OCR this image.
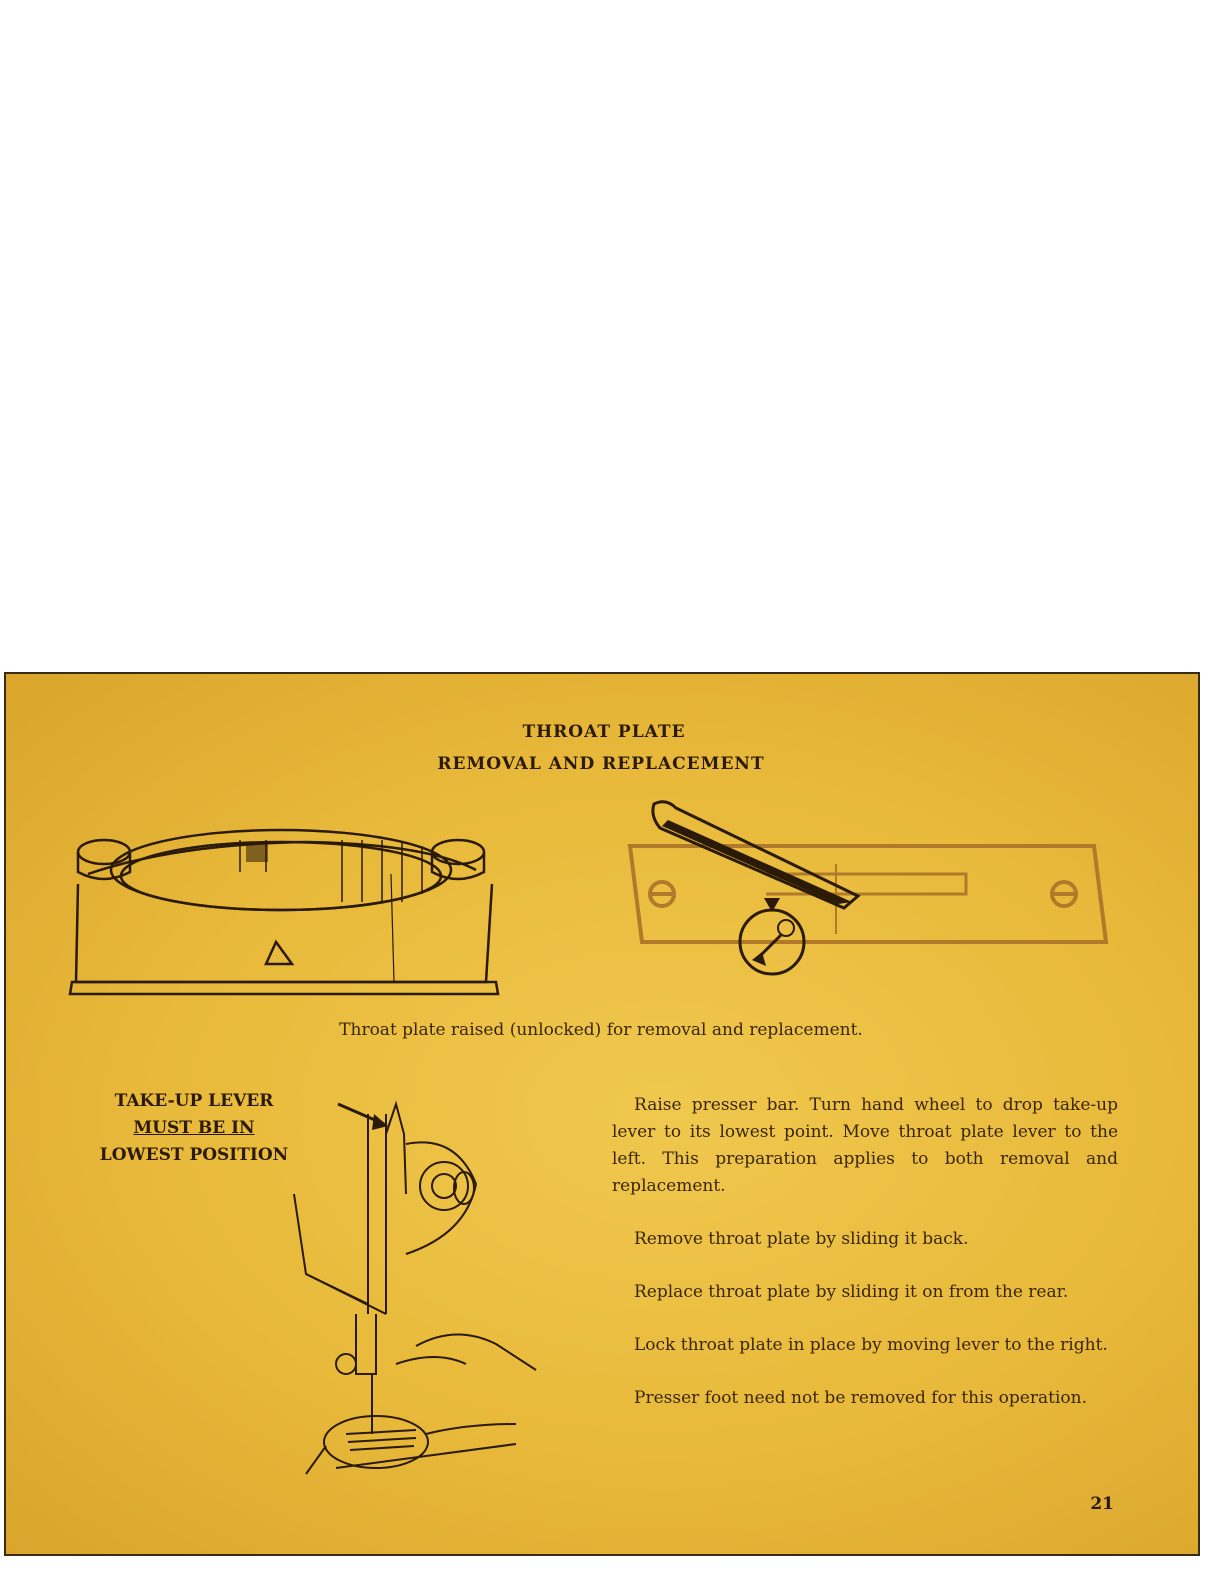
THROAT PLATE
REMOVAL AND REPLACEMENT
Throat plate raised (unlocked) for removal and replacement.
TAKE-UP LEVER
MUST BE IN
LOWEST POSITION

Raise presser bar. Turn hand wheel to drop take-up lever to its lowest point. Move throat plate lever to the left. This preparation applies to both removal and replacement.

Remove throat plate by sliding it back.

Replace throat plate by sliding it on from the rear.

Lock throat plate in place by moving lever to the right.

Presser foot need not be removed for this operation.

21
